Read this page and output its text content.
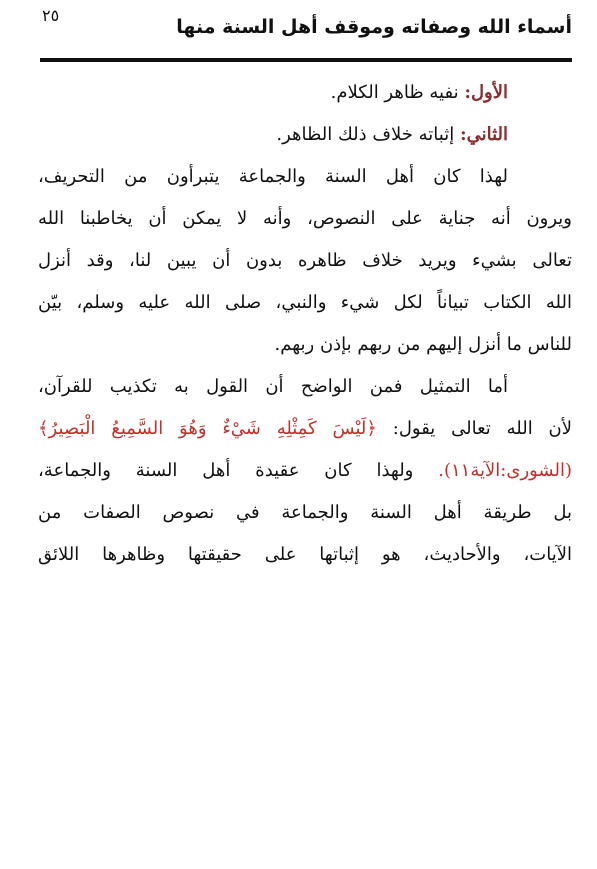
أسماء الله وصفاته وموقف أهل السنة منها
٢٥
الأول: نفيه ظاهر الكلام.
الثاني: إثباته خلاف ذلك الظاهر.
لهذا كان أهل السنة والجماعة يتبرأون من التحريف،
ويرون أنه جناية على النصوص، وأنه لا يمكن أن يخاطبنا الله
تعالى بشيء ويريد خلاف ظاهره بدون أن يبين لنا، وقد أنزل
الله الكتاب تبياناً لكل شيء والنبي، صلى الله عليه وسلم، بيّن
للناس ما أنزل إليهم من ربهم بإذن ربهم.
أما التمثيل فمن الواضح أن القول به تكذيب للقرآن،
لأن الله تعالى يقول: ﴿لَيْسَ كَمِثْلِهِ شَيْءٌ وَهُوَ السَّمِيعُ الْبَصِيرُ﴾
(الشورى:الآية١١). ولهذا كان عقيدة أهل السنة والجماعة،
بل طريقة أهل السنة والجماعة في نصوص الصفات من
الآيات، والأحاديث، هو إثباتها على حقيقتها وظاهرها اللائق
